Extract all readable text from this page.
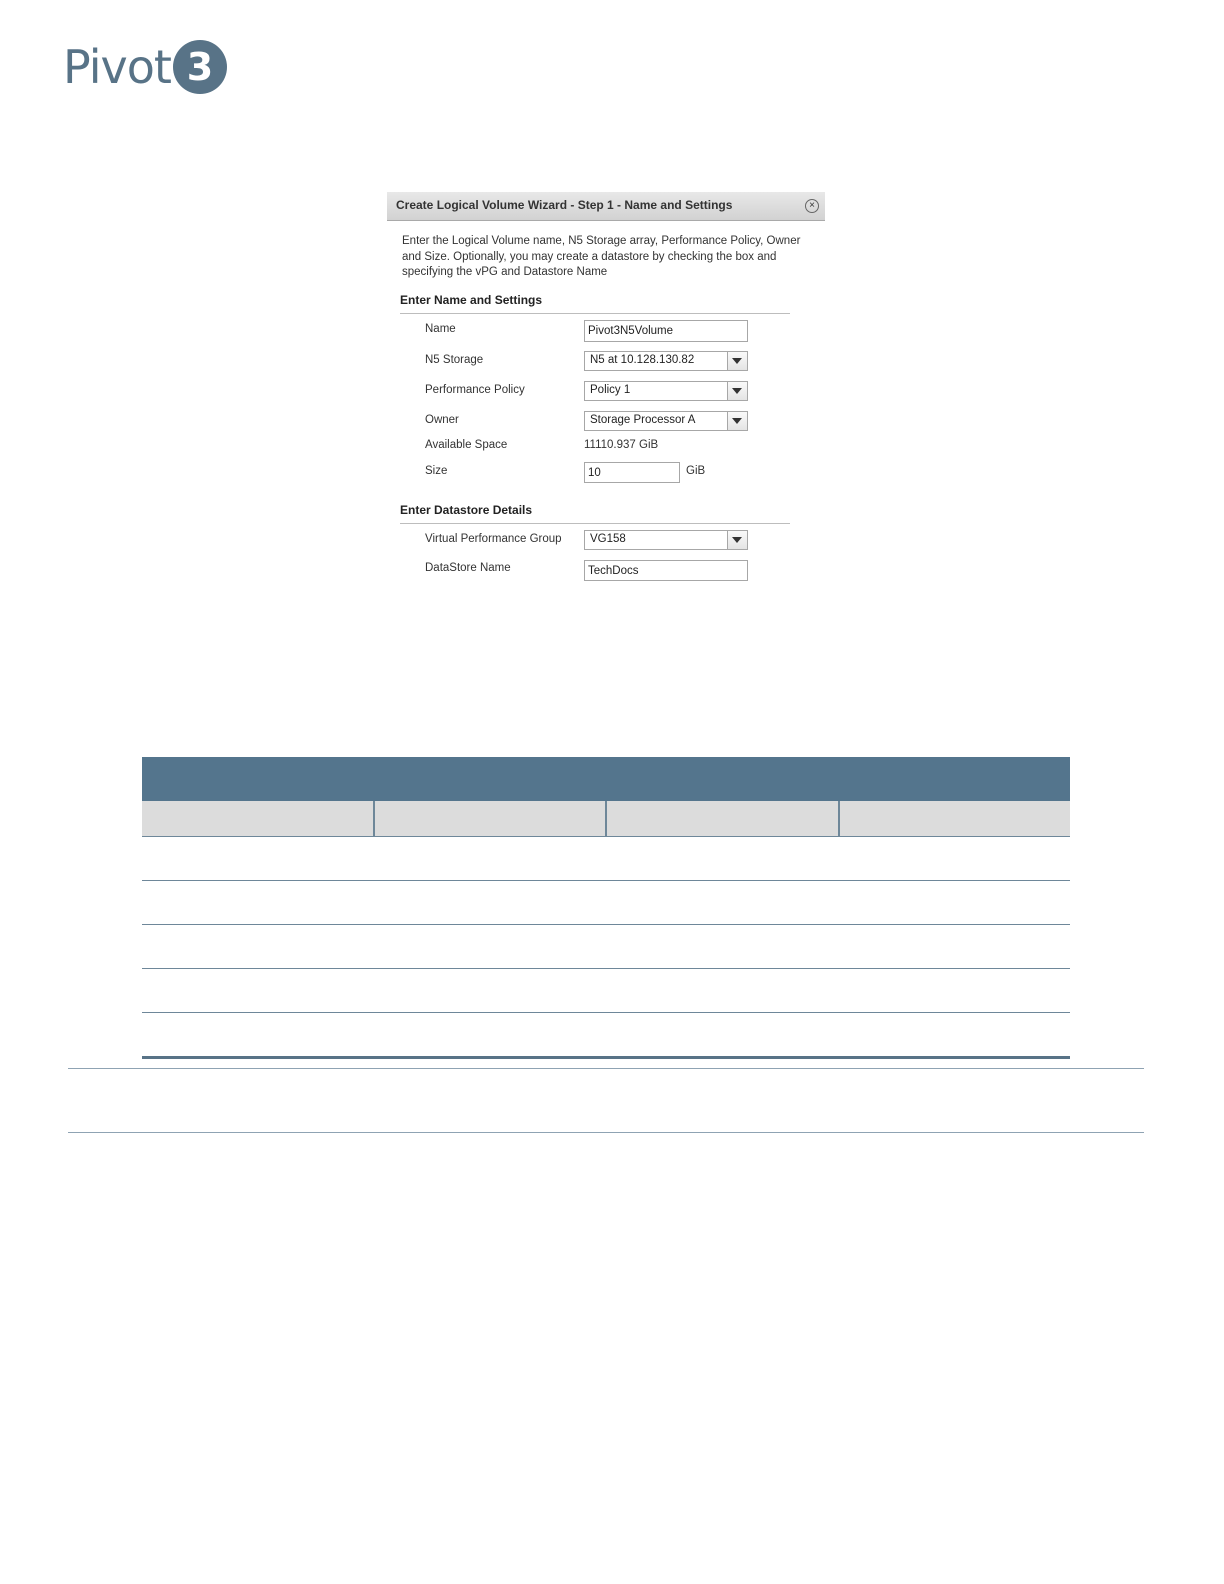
Pivot 3
Create Logical Volume Wizard - Step 1 - Name and Settings	×
Enter the Logical Volume name, N5 Storage array, Performance Policy, Owner and Size. Optionally, you may create a datastore by checking the box and specifying the vPG and Datastore Name
Enter Name and Settings
Name	Pivot3N5Volume
N5 Storage	N5 at 10.128.130.82
Performance Policy	Policy 1
Owner	Storage Processor A
Available Space	11110.937 GiB
Size	10	GiB
Enter Datastore Details
Virtual Performance Group VG158
DataStore Name	TechDocs
